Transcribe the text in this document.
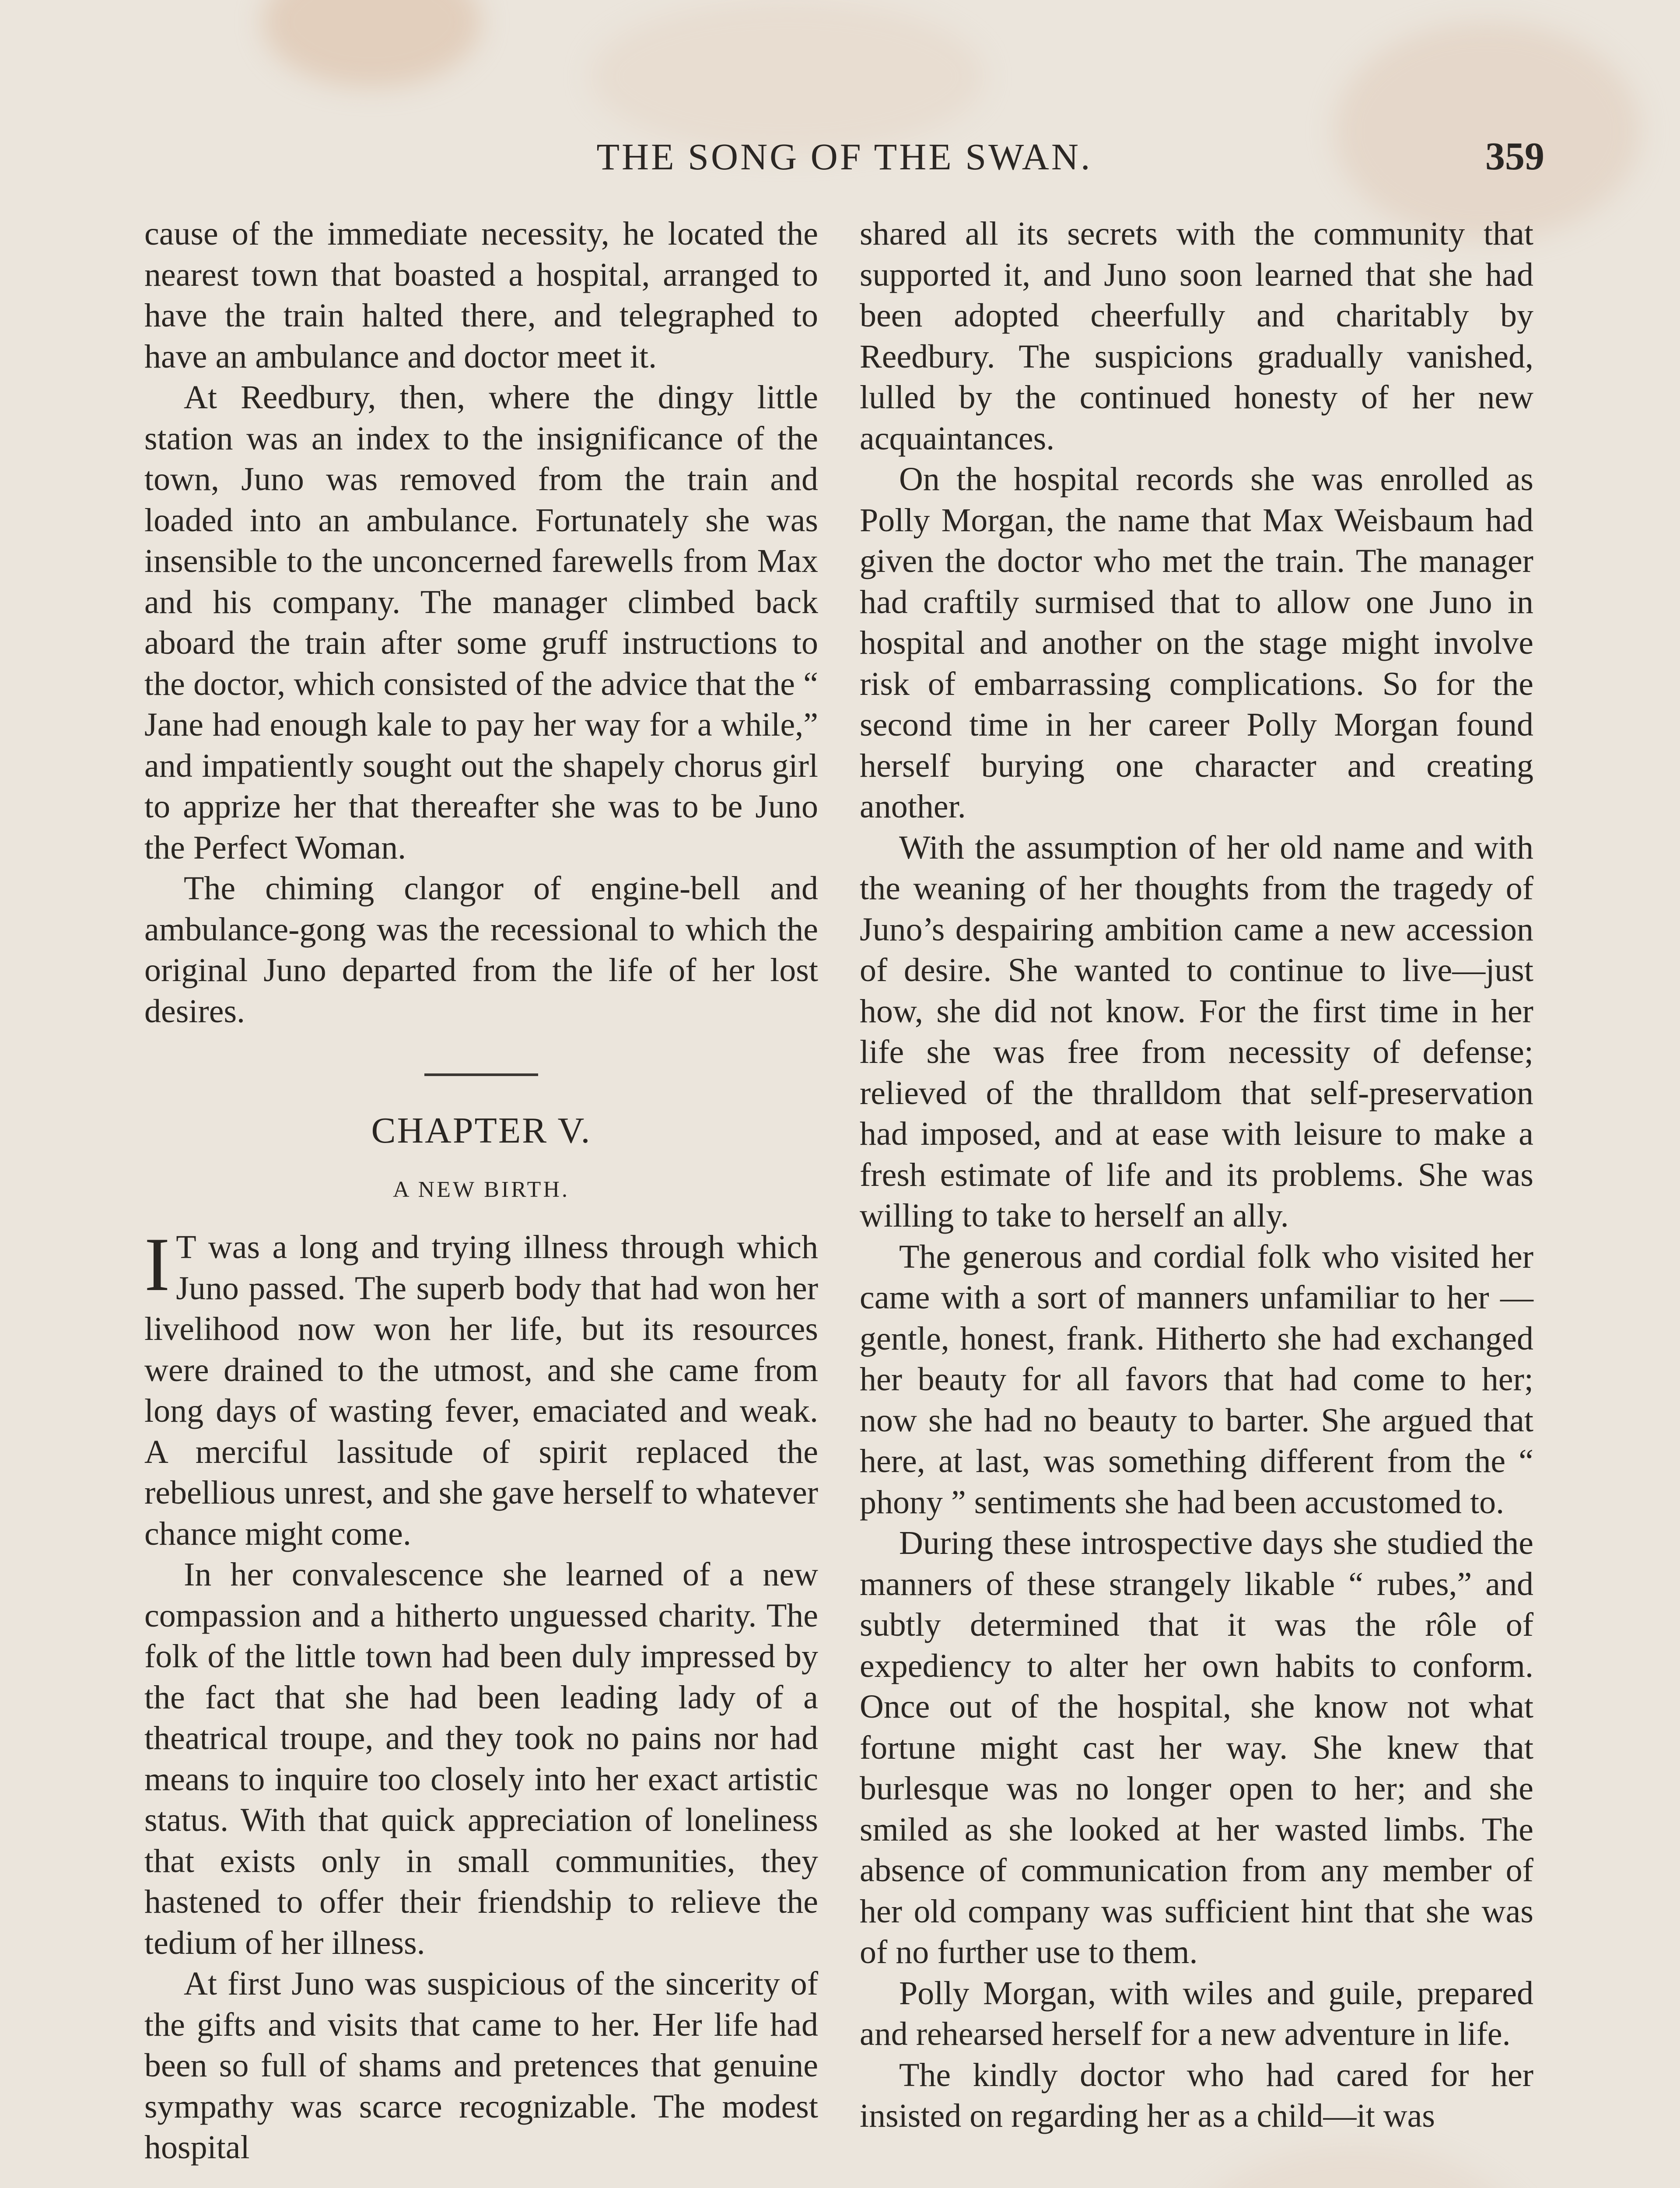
THE SONG OF THE SWAN.	359

cause of the immediate necessity, he located the nearest town that boasted a hospital, arranged to have the train halted there, and telegraphed to have an ambulance and doctor meet it.

At Reedbury, then, where the dingy little station was an index to the insignificance of the town, Juno was removed from the train and loaded into an ambulance. Fortunately she was insensible to the unconcerned farewells from Max and his company. The manager climbed back aboard the train after some gruff instructions to the doctor, which consisted of the advice that the “ Jane had enough kale to pay her way for a while,” and impatiently sought out the shapely chorus girl to apprize her that thereafter she was to be Juno the Perfect Woman.

The chiming clangor of engine-bell and ambulance-gong was the recessional to which the original Juno departed from the life of her lost desires.

CHAPTER V.
A NEW BIRTH.

I T was a long and trying illness through which Juno passed. The superb body that had won her livelihood now won her life, but its resources were drained to the utmost, and she came from long days of wasting fever, emaciated and weak. A merciful lassitude of spirit replaced the rebellious unrest, and she gave herself to whatever chance might come.

In her convalescence she learned of a new compassion and a hitherto unguessed charity. The folk of the little town had been duly impressed by the fact that she had been leading lady of a theatrical troupe, and they took no pains nor had means to inquire too closely into her exact artistic status. With that quick appreciation of loneliness that exists only in small communities, they hastened to offer their friendship to relieve the tedium of her illness.

At first Juno was suspicious of the sincerity of the gifts and visits that came to her. Her life had been so full of shams and pretences that genuine sympathy was scarce recognizable. The modest hospital

shared all its secrets with the community that supported it, and Juno soon learned that she had been adopted cheerfully and charitably by Reedbury. The suspicions gradually vanished, lulled by the continued honesty of her new acquaintances.

On the hospital records she was enrolled as Polly Morgan, the name that Max Weisbaum had given the doctor who met the train. The manager had craftily surmised that to allow one Juno in hospital and another on the stage might involve risk of embarrassing complications. So for the second time in her career Polly Morgan found herself burying one character and creating another.

With the assumption of her old name and with the weaning of her thoughts from the tragedy of Juno’s despairing ambition came a new accession of desire. She wanted to continue to live—just how, she did not know. For the first time in her life she was free from necessity of defense; relieved of the thralldom that self-preservation had imposed, and at ease with leisure to make a fresh estimate of life and its problems. She was willing to take to herself an ally.

The generous and cordial folk who visited her came with a sort of manners unfamiliar to her — gentle, honest, frank. Hitherto she had exchanged her beauty for all favors that had come to her; now she had no beauty to barter. She argued that here, at last, was something different from the “ phony ” sentiments she had been accustomed to.

During these introspective days she studied the manners of these strangely likable “ rubes,” and subtly determined that it was the rôle of expediency to alter her own habits to conform. Once out of the hospital, she know not what fortune might cast her way. She knew that burlesque was no longer open to her; and she smiled as she looked at her wasted limbs. The absence of communication from any member of her old company was sufficient hint that she was of no further use to them.

Polly Morgan, with wiles and guile, prepared and rehearsed herself for a new adventure in life.

The kindly doctor who had cared for her insisted on regarding her as a child—it was
